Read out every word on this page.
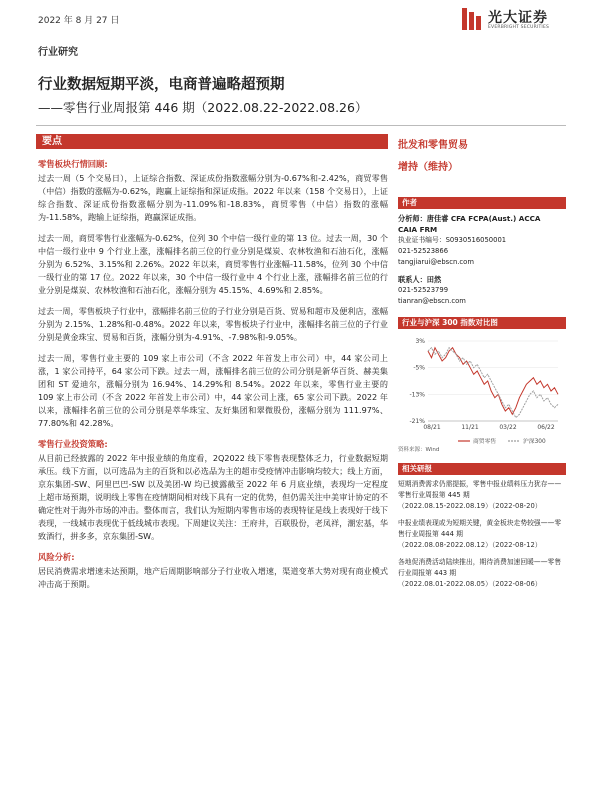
2022 年 8 月 27 日	光大证券
EVERBRIGHT SECURITIES
行业研究
行业数据短期平淡，电商普遍略超预期
——零售行业周报第 446 期（2022.08.22-2022.08.26）
要点
零售板块行情回顾:
过去一周（5 个交易日），上证综合指数、深证成份指数涨幅分别为-0.67%和-2.42%，商贸零售（中信）指数的涨幅为-0.62%，跑赢上证综指和深证成指。2022 年以来（158 个交易日），上证综合指数、深证成份指数涨幅分别为-11.09%和-18.83%，商贸零售（中信）指数的涨幅为-11.58%，跑输上证综指，跑赢深证成指。
过去一周，商贸零售行业涨幅为-0.62%，位列 30 个中信一级行业的第 13 位。过去一周，30 个中信一级行业中 9 个行业上涨，涨幅排名前三位的行业分别是煤炭、农林牧渔和石油石化，涨幅分别为 6.52%、3.15%和 2.26%。2022 年以来，商贸零售行业涨幅-11.58%，位列 30 个中信一级行业的第 17 位。2022 年以来，30 个中信一级行业中 4 个行业上涨，涨幅排名前三位的行业分别是煤炭、农林牧渔和石油石化，涨幅分别为 45.15%、4.69%和 2.85%。
过去一周，零售板块子行业中，涨幅排名前三位的子行业分别是百货、贸易和超市及便利店，涨幅分别为 2.15%、1.28%和-0.48%。2022 年以来，零售板块子行业中，涨幅排名前三位的子行业分别是黄金珠宝、贸易和百货，涨幅分别为-4.91%、-7.98%和-9.05%。
过去一周，零售行业主要的 109 家上市公司（不含 2022 年首发上市公司）中，44 家公司上涨，1 家公司持平，64 家公司下跌。过去一周，涨幅排名前三位的公司分别是新华百货、赫美集团和 ST 爱迪尔，涨幅分别为 16.94%、14.29%和 8.54%。2022 年以来，零售行业主要的 109 家上市公司（不含 2022 年首发上市公司）中，44 家公司上涨，65 家公司下跌。2022 年以来，涨幅排名前三位的公司分别是萃华珠宝、友好集团和翠微股份，涨幅分别为 111.97%、77.80%和 42.28%。
零售行业投资策略:
从目前已经披露的 2022 年中报业绩的角度看，2Q2022 线下零售表现整体乏力，行业数据短期承压。线下方面，以可选品为主的百货和以必选品为主的超市受疫情冲击影响均较大；线上方面，京东集团-SW、阿里巴巴-SW 以及美团-W 均已披露截至 2022 年 6 月底业绩，表现均一定程度上超市场预期，说明线上零售在疫情期间相对线下具有一定的优势，但仍需关注中美审计协定的不确定性对于海外市场的冲击。整体而言，我们认为短期内零售市场的表现特征是线上表现好于线下表现，一线城市表现优于低线城市表现。下周建议关注：王府井，百联股份，老凤祥，潮宏基，华致酒行，拼多多，京东集团-SW。
风险分析:
居民消费需求增速未达预期，地产后周期影响部分子行业收入增速，渠道变革大势对现有商业模式冲击高于预期。
批发和零售贸易
增持（维持）
作者
分析师：唐佳睿 CFA FCPA(Aust.) ACCA
CAIA FRM
执业证书编号：S0930516050001
021-52523866
tangjiarui@ebscn.com
联系人：田然
021-52523799
tianran@ebscn.com
行业与沪深 300 指数对比图
3%
-5%
-13%
-21%
08/21	11/21	03/22	06/22
商贸零售	沪深300
资料来源：Wind
相关研报
短期消费需求仍需提振，零售中报业绩料压力犹存——零售行业周报第 445 期
（2022.08.15-2022.08.19）（2022-08-20）
中报业绩表现或为短期关键，黄金板块走势较强——零售行业周报第 444 期
（2022.08.08-2022.08.12）（2022-08-12）
各地促消费活动陆续推出，期待消费加速回暖——零售行业周报第 443 期
（2022.08.01-2022.08.05）（2022-08-06）
